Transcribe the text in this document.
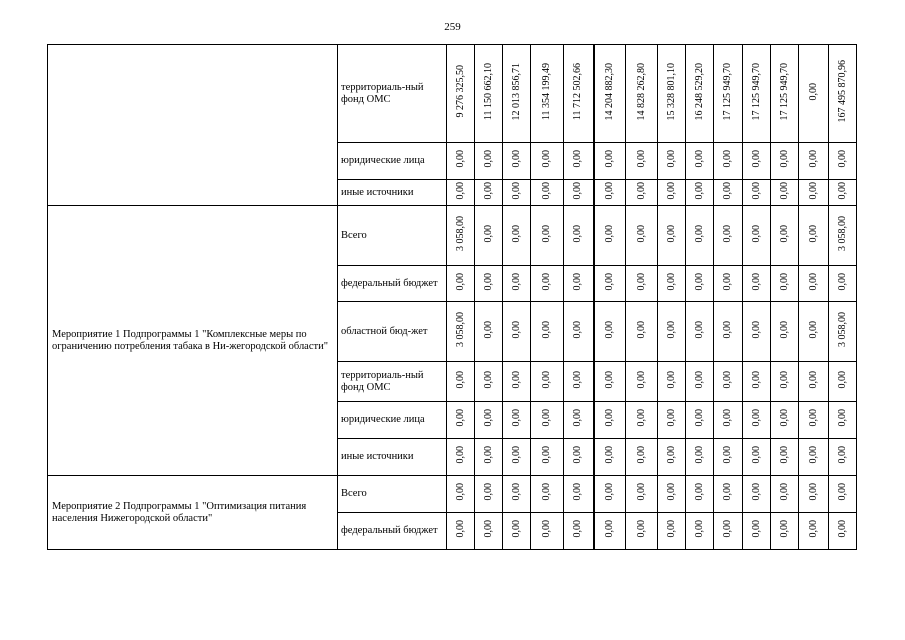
259
	территориаль-ный фонд ОМС	9 276 325,50	11 150 662,10	12 013 856,71	11 354 199,49	11 712 502,66	14 204 882,30	14 828 262,80	15 328 801,10	16 248 529,20	17 125 949,70	17 125 949,70	17 125 949,70	0,00	167 495 870,96
	юридические лица	0,00	0,00	0,00	0,00	0,00	0,00	0,00	0,00	0,00	0,00	0,00	0,00	0,00	0,00
	иные источники	0,00	0,00	0,00	0,00	0,00	0,00	0,00	0,00	0,00	0,00	0,00	0,00	0,00	0,00
Мероприятие 1 Подпрограммы 1 "Комплексные меры по ограничению потребления табака в Ни-жегородской области"	Всего	3 058,00	0,00	0,00	0,00	0,00	0,00	0,00	0,00	0,00	0,00	0,00	0,00	0,00	3 058,00
	федеральный бюджет	0,00	0,00	0,00	0,00	0,00	0,00	0,00	0,00	0,00	0,00	0,00	0,00	0,00	0,00
	областной бюд-жет	3 058,00	0,00	0,00	0,00	0,00	0,00	0,00	0,00	0,00	0,00	0,00	0,00	0,00	3 058,00
	территориаль-ный фонд ОМС	0,00	0,00	0,00	0,00	0,00	0,00	0,00	0,00	0,00	0,00	0,00	0,00	0,00	0,00
	юридические лица	0,00	0,00	0,00	0,00	0,00	0,00	0,00	0,00	0,00	0,00	0,00	0,00	0,00	0,00
	иные источники	0,00	0,00	0,00	0,00	0,00	0,00	0,00	0,00	0,00	0,00	0,00	0,00	0,00	0,00
Мероприятие 2 Подпрограммы 1 "Оптимизация питания населения Нижегородской области"	Всего	0,00	0,00	0,00	0,00	0,00	0,00	0,00	0,00	0,00	0,00	0,00	0,00	0,00	0,00
	федеральный бюджет	0,00	0,00	0,00	0,00	0,00	0,00	0,00	0,00	0,00	0,00	0,00	0,00	0,00	0,00
